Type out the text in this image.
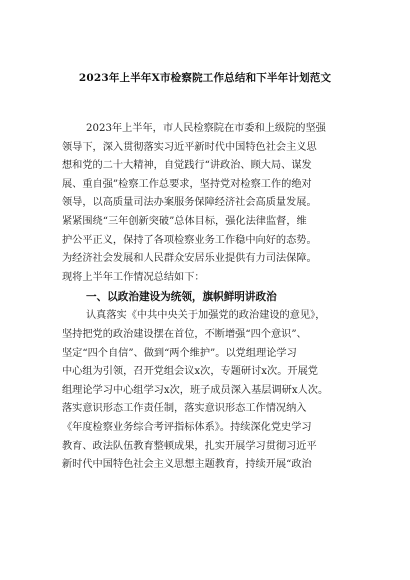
2023年上半年X市检察院工作总结和下半年计划范文
2023年上半年，市人民检察院在市委和上级院的坚强
领导下，深入贯彻落实习近平新时代中国特色社会主义思
想和党的二十大精神，自觉践行“讲政治、顾大局、谋发
展、重自强”检察工作总要求，坚持党对检察工作的绝对
领导，以高质量司法办案服务保障经济社会高质量发展。
紧紧围绕“三年创新突破”总体目标，强化法律监督，维
护公平正义，保持了各项检察业务工作稳中向好的态势。
为经济社会发展和人民群众安居乐业提供有力司法保障。
现将上半年工作情况总结如下：
一、以政治建设为统领，旗帜鲜明讲政治
认真落实《中共中央关于加强党的政治建设的意见》，
坚持把党的政治建设摆在首位，不断增强“四个意识”、
坚定“四个自信”、做到“两个维护”。以党组理论学习
中心组为引领，召开党组会议x次，专题研讨x次。开展党
组理论学习中心组学习x次，班子成员深入基层调研x人次。
落实意识形态工作责任制，落实意识形态工作情况纳入
《年度检察业务综合考评指标体系》。持续深化党史学习
教育、政法队伍教育整顿成果，扎实开展学习贯彻习近平
新时代中国特色社会主义思想主题教育，持续开展“政治
